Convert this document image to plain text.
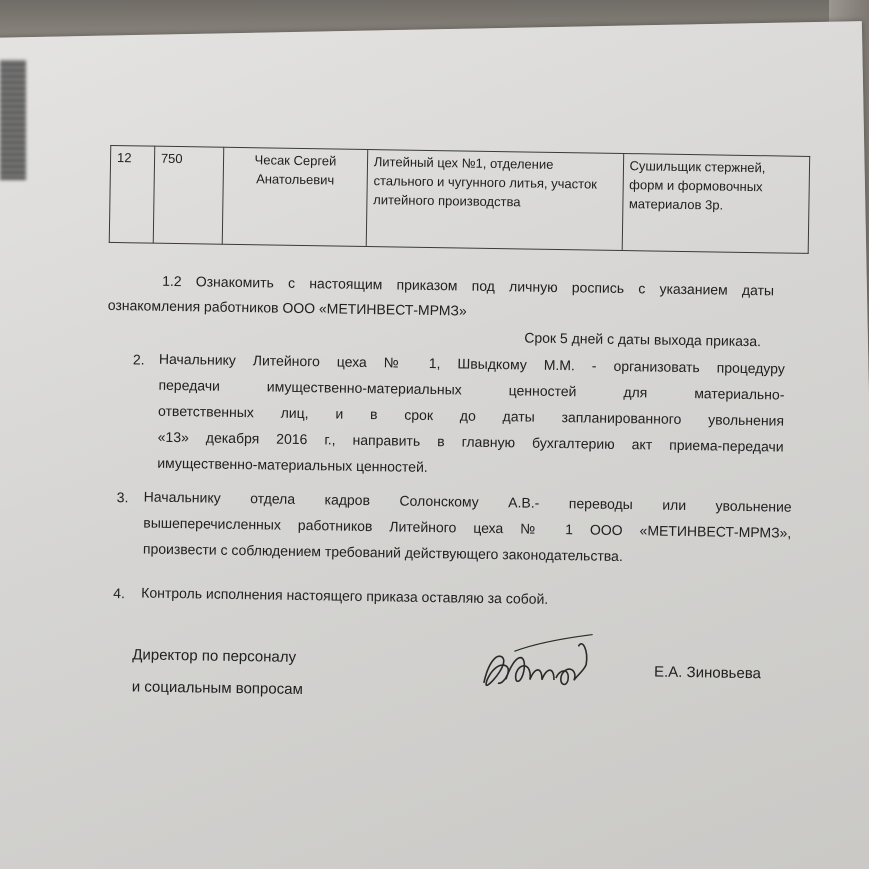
12	750	Чесак Сергей Анатольевич	Литейный цех №1, отделение стального и чугунного литья, участок литейного производства	Сушильщик стержней, форм и формовочных материалов 3р.
1.2 Ознакомить с настоящим приказом под личную роспись с указанием даты
ознакомления работников ООО «МЕТИНВЕСТ-МРМЗ»
Срок 5 дней с даты выхода приказа.
2. Начальнику Литейного цеха № 1, Швыдкому М.М. - организовать процедуру
передачи имущественно-материальных ценностей для материально-
ответственных лиц, и в срок до даты запланированного увольнения
«13» декабря 2016 г., направить в главную бухгалтерию акт приема-передачи
имущественно-материальных ценностей.
3. Начальнику отдела кадров Солонскому А.В.- переводы или увольнение
вышеперечисленных работников Литейного цеха № 1 ООО «МЕТИНВЕСТ-МРМЗ»,
произвести с соблюдением требований действующего законодательства.
4. Контроль исполнения настоящего приказа оставляю за собой.
Директор по персоналу
и социальным вопросам
Е.А. Зиновьева
